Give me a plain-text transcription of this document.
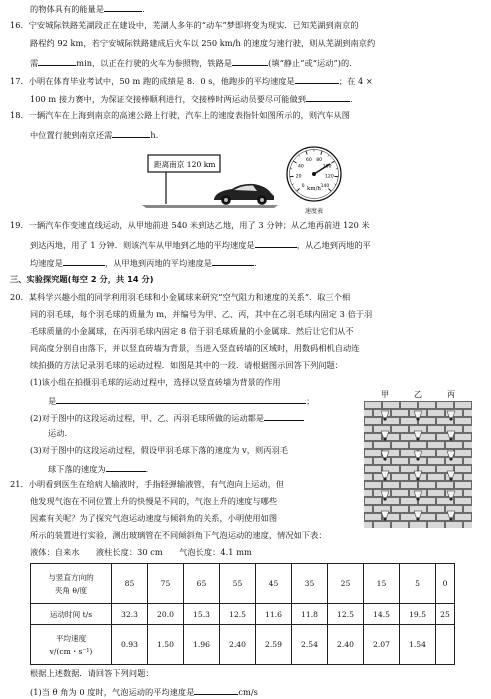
的物体具有的能量是	.
16．宁安城际铁路芜湖段正在建设中，芜湖人多年的“动车”梦即将变为现实．已知芜湖到南京的
路程约 92 km，若宁安城际铁路建成后火车以 250 km/h 的速度匀速行驶，则从芜湖到南京约
需	min，以正在行驶的火车为参照物，铁路是	(填“静止”或“运动”)的．
17．小明在体育毕业考试中，50 m 跑的成绩是 8．0 s，他跑步的平均速度是	；在 4 ×
100 m 接力赛中，为保证交接棒顺利进行，交接棒时两运动员要尽可能做到	.
18．一辆汽车在上海到南京的高速公路上行驶，汽车上的速度表指针如图所示的，则汽车从图
中位置行驶到南京还需	h.
距离南京 120 km
0
20
40
60 80
100
120
140
km/h
速度表
19．一辆汽车作变速直线运动，从甲地前进 540 米到达乙地，用了 3 分钟；从乙地再前进 120 米
到达丙地，用了 1 分钟．则该汽车从甲地到乙地的平均速度是	，从乙地到丙地的平
均速度是	，从甲地到丙地的平均速度是	.
三、实验探究题(每空 2 分，共 14 分)
20．某科学兴趣小组的同学利用羽毛球和小金属球来研究“空气阻力和速度的关系”．取三个相
同的羽毛球，每个羽毛球的质量为 m，并编号为甲、乙、丙，其中在乙羽毛球内固定 3 倍于羽
毛球质量的小金属球，在丙羽毛球内固定 8 倍于羽毛球质量的小金属球．然后让它们从不
同高度分别自由落下，并以竖直砖墙为背景，当进入竖直砖墙的区域时，用数码相机自动连
续拍摄的方法记录羽毛球的运动过程．如图是其中的一段．请根据图示回答下列问题：
(1)该小组在拍摄羽毛球的运动过程中，选择以竖直砖墙为背景的作用
是	；
(2)对于图中的这段运动过程，甲、乙、丙羽毛球所做的运动都是
运动.
(3)对于图中的这段运动过程，假设甲羽毛球下落的速度为 v，则丙羽毛
球下落的速度为	.
甲	乙	丙
21．小明看到医生在给病人输液时，手指轻弹输液管，有气泡向上运动，但
他发现气泡在不同位置上升的快慢是不同的，气泡上升的速度与哪些
因素有关呢？为了探究气泡运动速度与倾斜角的关系，小明使用如图
所示的装置进行实验，测出玻璃管在不同倾斜角下气泡运动的速度，情况如下表：
液体：自来水　　液柱长度：30 cm　　气泡长度：4.1 mm
与竖直方向的
夹角 θ/度	85	75	65	55	45	35	25	15	5	0
运动时间 t/s	32.3	20.0	15.3	12.5	11.6	11.8	12.5	14.5	19.5	25

平均速度
v/(cm・s⁻¹)	0.93	1.50	1.96	2.40	2.59	2.54	2.40	2.07	1.54	
根据上述数据．请回答下列问题：
(1)当 θ 角为 0 度时，气泡运动的平均速度是	cm/s
